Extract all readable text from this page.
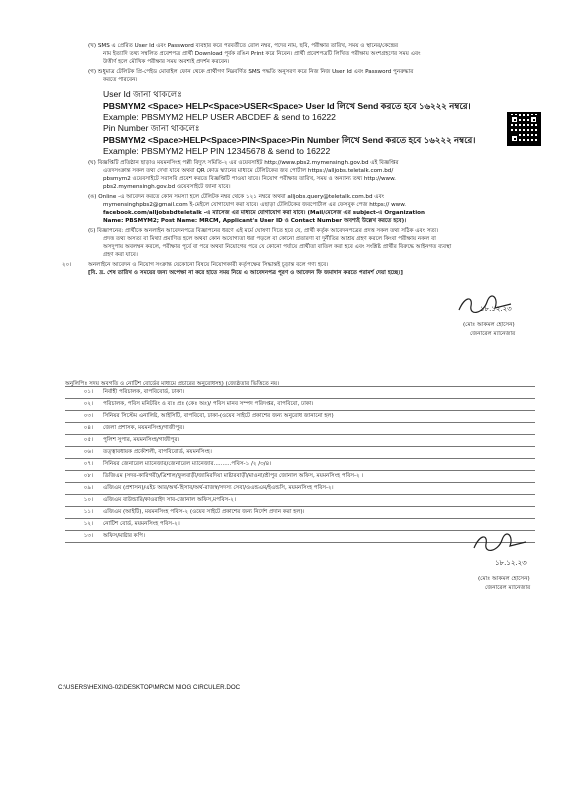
(খ) SMS এ প্রেরিত User Id এবং Password ব্যবহার করে পরবর্তীতে রোল নম্বর, পদের নাম, ছবি, পরীক্ষার তারিখ, সময় ও স্থানের/কেন্দ্রের
নাম ইত্যাদি তথ্য সম্বলিত প্রবেশপত্র প্রার্থী Download পূর্বক রঙিন Print করে নিবেন। প্রার্থী প্রবেশপত্রটি লিখিত পরীক্ষায় অংশগ্রহণের সময় এবং
উত্তীর্ণ হলে মৌখিক পরীক্ষার সময় অবশ্যই প্রদর্শন করবেন।
(গ) শুধুমাত্র টেলিটক প্রি-পেইড মোবাইল ফোন থেকে প্রার্থীগণ নিম্নবর্ণিত SMS পদ্ধতি অনুসরণ করে নিজ নিজ User Id এবং Password পুনরুদ্ধার
করতে পারবেন।
User Id জানা থাকলেঃ
PBSMYM2 <Space> HELP<Space>USER<Space> User Id লিখে Send করতে হবে ১৬২২২ নম্বরে।
Example: PBSMYM2 HELP USER ABCDEF & send to 16222
Pin Number জানা থাকলেঃ
PBSMYM2 <Space>HELP<Space>PIN<Space>Pin Number লিখে Send করতে হবে ১৬২২২ নম্বরে।
Example: PBSMYM2 HELP PIN 12345678 & send to 16222
(ঘ) বিজ্ঞপ্তিটি প্রতিষ্ঠান ছাড়াও ময়মনসিংহ পল্লী বিদ্যুৎ সমিতি-২ এর ওয়েবসাইট http://www.pbs2.mymensingh.gov.bd এই বিজ্ঞপ্তির
এতদসংক্রান্ত সকল তথ্য দেখা যাবে অথবা QR কোড স্ক্যানের মাধ্যমে টেলিটকের জব পোর্টাল https://alljobs.teletalk.com.bd/
pbsmym2 ওয়েবসাইটে সরাসরি প্রবেশ করতে বিজ্ঞপ্তিটি পাওয়া যাবে। নিয়োগ পরীক্ষার তারিখ, সময় ও অন্যান্য তথ্য http://www.
pbs2.mymensingh.gov.bd ওয়েবসাইটে জানা যাবে।
(ঙ) Online -এ আবেদন করতে কোন সমস্যা হলে টেলিটক নম্বর থেকে ১২১ নম্বরে অথবা alljobs.query@teletalk.com.bd এবং
mymensinghpbs2@gmail.com ই-মেইলে যোগাযোগ করা যাবে। এছাড়া টেলিটকের জবপোর্টাল এর ফেসবুক পেজ https:// www.
facebook.com/alljobsbdteletalk -এ ম্যাসেজ এর মাধ্যমে যোগাযোগ করা যাবে। (Mail/মেসেজ এর subject-এ Organization
Name: PBSMYM2; Post Name: MRCM, Applicant's User ID ও Contact Number অবশ্যই উল্লেখ করতে হবে)।
(চ) বিজ্ঞাপনের: প্রার্থীকে অনলাইন আবেদনপত্রে বিজ্ঞাপনের ধরণে এই মর্মে ঘোষণা দিতে হবে যে, প্রার্থী কর্তৃক আবেদনপত্রের প্রদত্ত সকল তথ্য সঠিক এবং সত্য।
প্রদত্ত তথ্য অসত্য বা মিথ্যা প্রমাণিত হলে অথবা কোন অযোগ্যতা ধরা পড়লে বা কোনো প্রতারণা বা দুর্নীতির আশ্রয় গ্রহণ করলে কিংবা পরীক্ষায় নকল বা
অসদুপায় অবলম্বন করলে, পরীক্ষার পূর্বে বা পরে অথবা নিয়োগের পরে যে কোনো পর্যায়ে প্রার্থীতা বাতিল করা হবে এবং সংশ্লিষ্ট প্রার্থীর বিরুদ্ধে আইনগত ব্যবস্থা
গ্রহণ করা যাবে।
২০।	অনলাইনে আবেদন ও নিয়োগ সংক্রান্ত যেকোনো বিষয়ে নিয়োগকারী কর্তৃপক্ষের সিদ্ধান্তই চূড়ান্ত বলে গণ্য হবে।
[বি. দ্র. শেষ তারিখ ও সময়ের জন্য অপেক্ষা না করে হাতে সময় নিয়ে এ আবেদনপত্র পূরণ ও আবেদন ফি জমাদান করতে পরামর্শ দেয়া হচ্ছে।]
১৮.১২.২৩
(মোঃ আকমল হোসেন)
জেনারেল ম্যানেজার
অনুলিপিঃ সদয় অবগতি ও নোটিশ বোর্ডের মাধ্যমে প্রচারের অনুরোধসহ) (জ্যেষ্ঠতার ভিত্তিতে নয়।
০১। নির্বাহী পরিচালক, বাপবিবোর্ড, ঢাকা।
০২। পরিচালক, পবিস মনিটরিং ও ব্যঃ প্রঃ (কেঃ অঃ)/ পবিস মানব সম্পদ পরিদপ্তর, বাপবিবো, ঢাকা।
০৩। সিনিয়র সিস্টেম এনালিষ্ট, আইসিটি, বাপবিবো, ঢাকা-(ওয়েব সাইটে প্রকাশের জন্য অনুরোধ জানানো হল)
০৪। জেলা প্রশাসক, ময়মনসিংহ/গাজীপুর।
০৫। পুলিশ সুপার, ময়মনসিংহ/গাজীপুর।
০৬। তত্ত্বাবধায়ক প্রকৌশলী, বাপবিবোর্ড, ময়মনসিংহ।
০৭। সিনিয়র জেনারেল ম্যানেজার/জেনারেল ম্যানেজার..........পবিস-১ /২ /৩/৪।
০৮। ডিজিএম (সদর-কারিগরী)/ত্রিশাল/ফুলবাড়ী/জামিরদিয়া মাষ্টারবাড়ী/মাওনা/শ্রীপুর জোনাল অফিস, ময়মনসিংহ পবিস-২ ।
০৯। এজিএম (প্রশাসন)/এইচ আর/অর্থ-হিসাব/অর্থ-রাজস্ব/সদস্য সেবা/ওএন্ডএম/ইএন্ডসি, ময়মনসিংহ পবিস-২।
১০। এজিএম বাউন্ডারি/কাওরাইদ সাব-জোনাল অফিস,মপবিস-২।
১১। এজিএম (আইটি), ময়মনসিংহ পবিস-২ (ওয়েব সাইটে প্রকাশের জন্য নির্দেশ প্রদান করা হল)।
১২। নোটিশ বোর্ড, ময়মনসিংহ পবিস-২।
১৩। অফিস/মাষ্টার কপি।
১৮.১২.২৩
(মোঃ আকমল হোসেন)
জেনারেল ম্যানেজার
C:\USERS\HEXING-02\DESKTOP\MRCM NIOG CIRCULER.DOC
